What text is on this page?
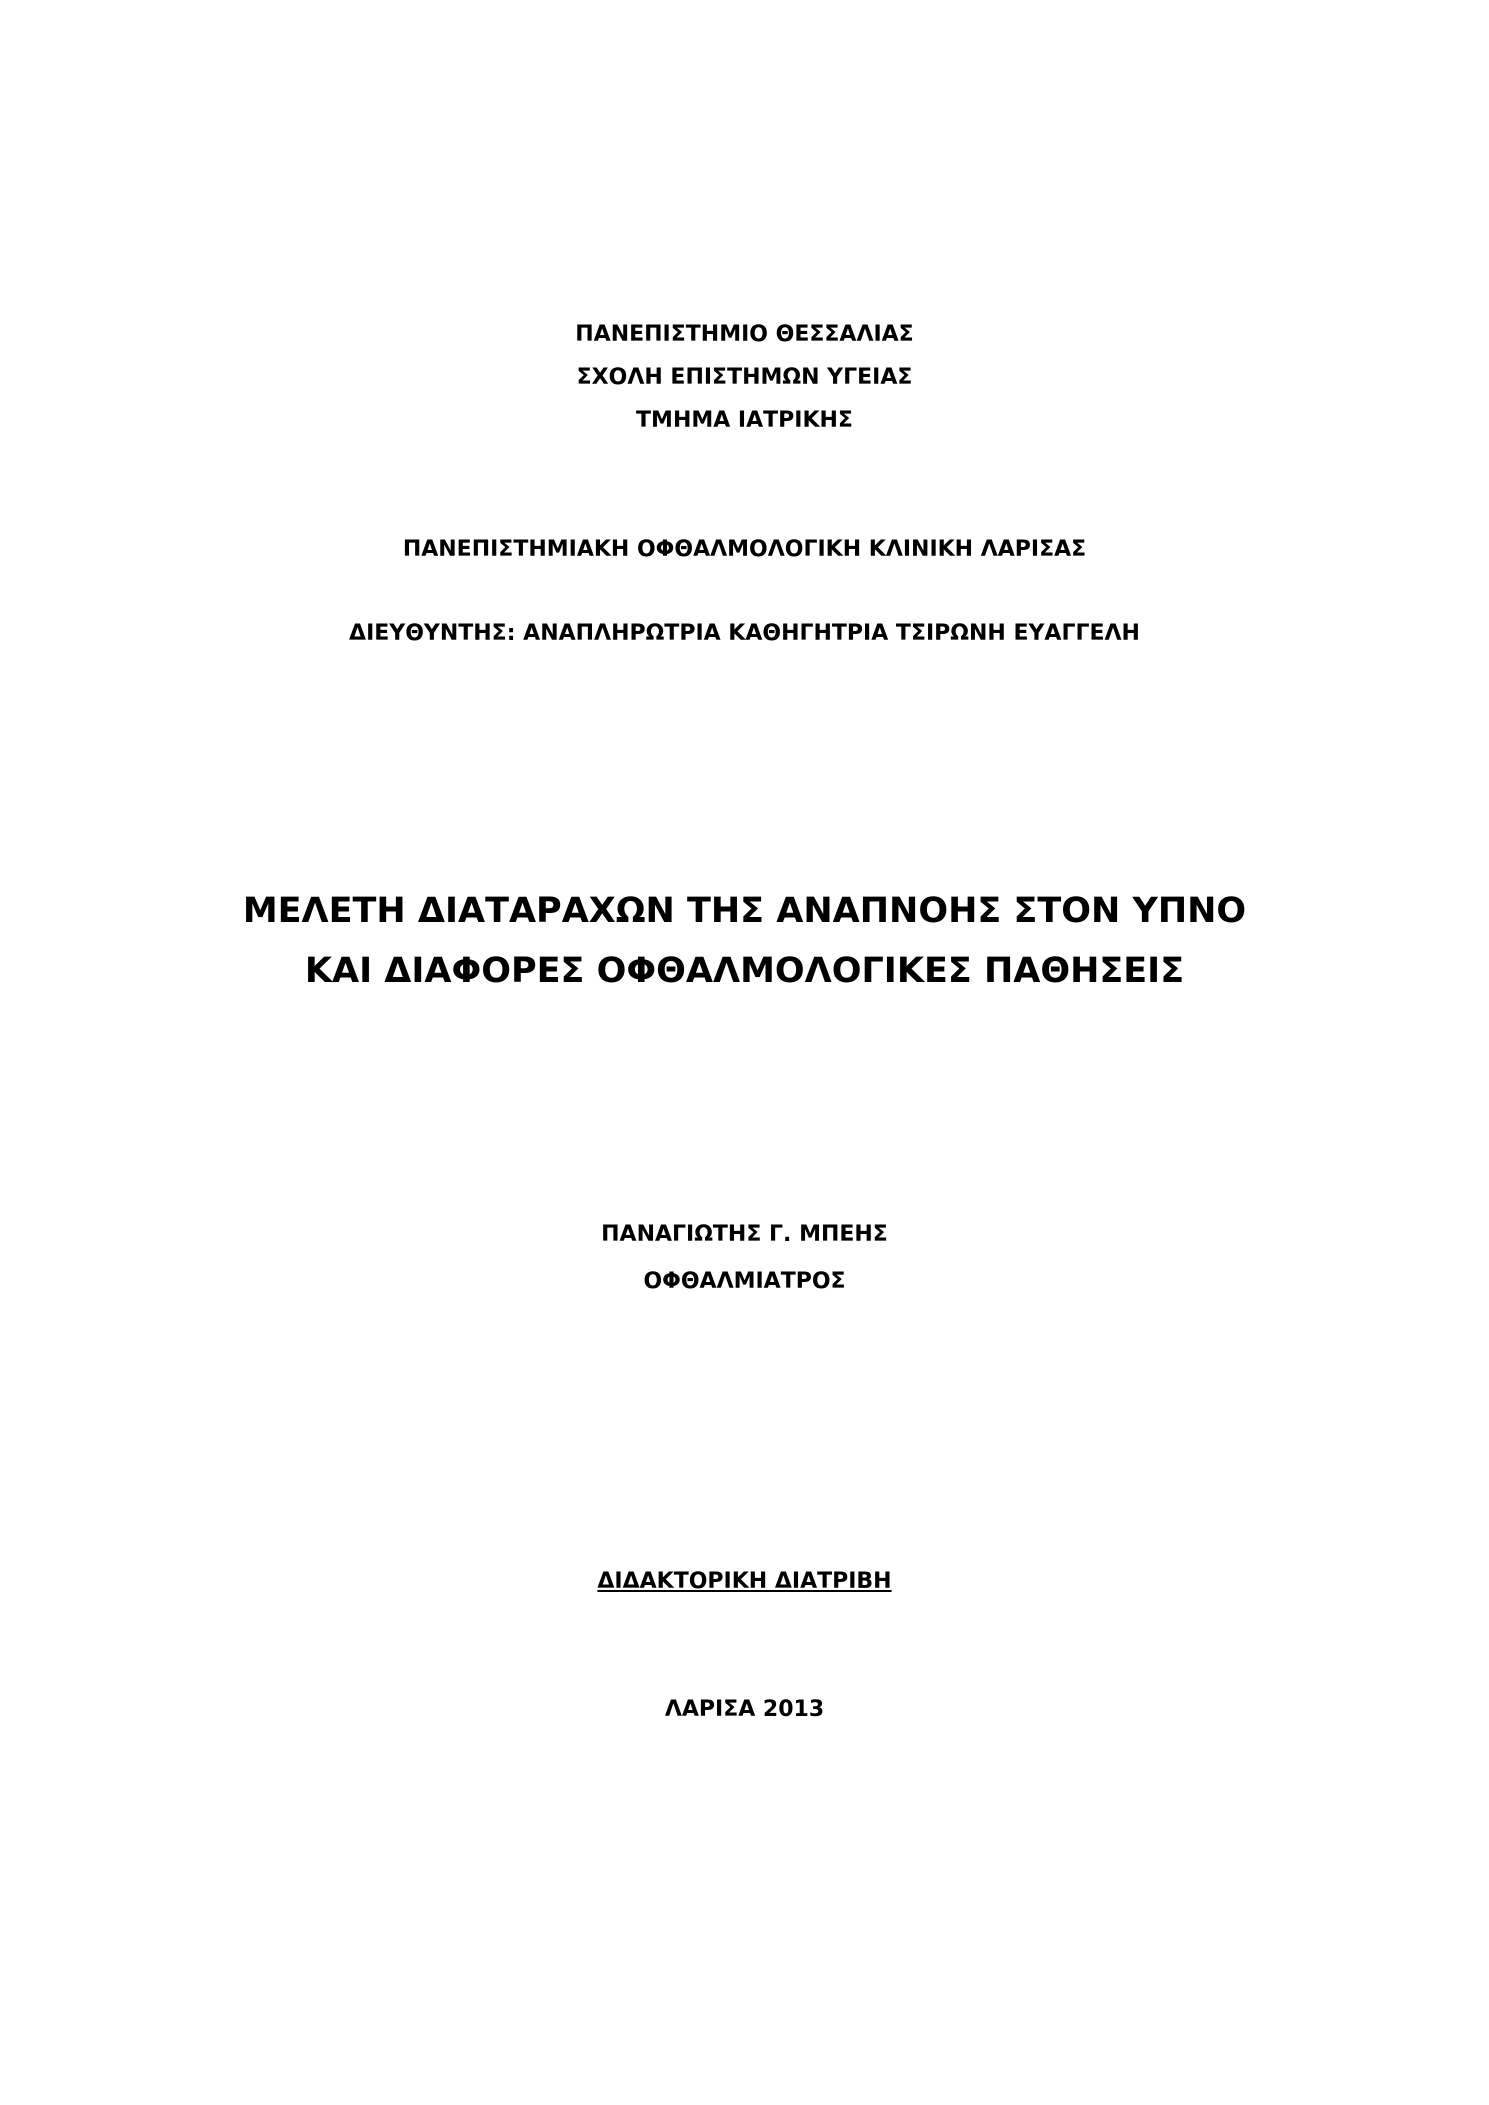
ΠΑΝΕΠΙΣΤΗΜΙΟ ΘΕΣΣΑΛΙΑΣ

ΣΧΟΛΗ ΕΠΙΣΤΗΜΩΝ ΥΓΕΙΑΣ

ΤΜΗΜΑ ΙΑΤΡΙΚΗΣ

ΠΑΝΕΠΙΣΤΗΜΙΑΚΗ ΟΦΘΑΛΜΟΛΟΓΙΚΗ ΚΛΙΝΙΚΗ ΛΑΡΙΣΑΣ

ΔΙΕΥΘΥΝΤΗΣ: ΑΝΑΠΛΗΡΩΤΡΙΑ ΚΑΘΗΓΗΤΡΙΑ ΤΣΙΡΩΝΗ ΕΥΑΓΓΕΛΗ

ΜΕΛΕΤΗ ΔΙΑΤΑΡΑΧΩΝ ΤΗΣ ΑΝΑΠΝΟΗΣ ΣΤΟΝ ΥΠΝΟ

ΚΑΙ ΔΙΑΦΟΡΕΣ ΟΦΘΑΛΜΟΛΟΓΙΚΕΣ ΠΑΘΗΣΕΙΣ

ΠΑΝΑΓΙΩΤΗΣ Γ. ΜΠΕΗΣ

ΟΦΘΑΛΜΙΑΤΡΟΣ

ΔΙΔΑΚΤΟΡΙΚΗ ΔΙΑΤΡΙΒΗ

ΛΑΡΙΣΑ 2013
